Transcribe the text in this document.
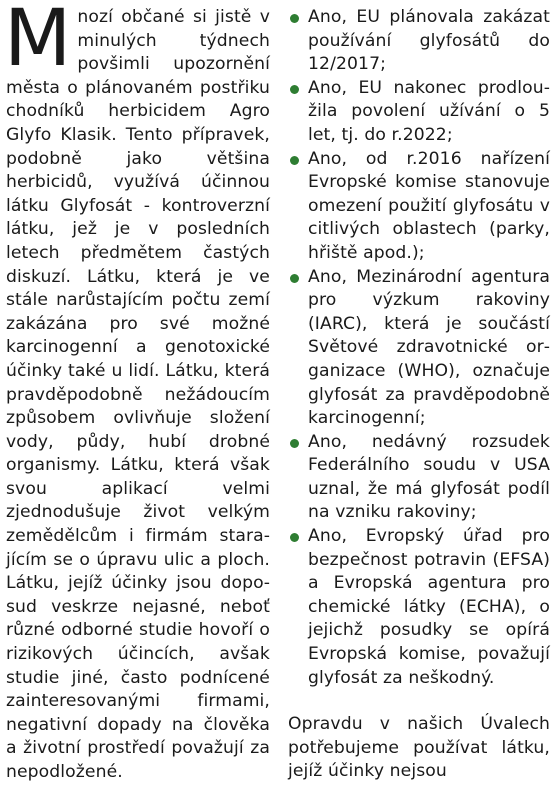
M nozí občané si jistě v minulých týdnech povšimli upozornění města o plánovaném postřiku chodníků herbicidem Agro Glyfo Klasik. Tento přípravek, podobně jako většina herbicidů, využívá účinnou látku Glyfosát - kontroverzní látku, jež je v posledních letech předmětem častých diskuzí. Látku, která je ve stále narůstajícím počtu zemí zakázána pro své možné karcinogenní a genotoxické účinky také u lidí. Látku, která pravděpodobně nežádoucím způsobem ovlivňuje složení vody, půdy, hubí drobné organismy. Látku, která však svou aplikací velmi zjednodušuje život velkým zemědělcům i firmám starajícím se o úpravu ulic a ploch. Látku, jejíž účinky jsou doposud veskrze nejasné, neboť různé odborné studie hovoří o rizikových účincích, avšak studie jiné, často podnícené zainteresovanými firmami, negativní dopady na člověka a životní prostředí považují za nepodložené.
Ano, EU plánovala zakázat používání glyfosátů do 12/2017;
Ano, EU nakonec prodloužila povolení užívání o 5 let, tj. do r.2022;
Ano, od r.2016 nařízení Evropské komise stanovuje omezení použití glyfosátu v citlivých oblastech (parky, hřiště apod.);
Ano, Mezinárodní agentura pro výzkum rakoviny (IARC), která je součástí Světové zdravotnické organizace (WHO), označuje glyfosát za pravděpodobně karcinogenní;
Ano, nedávný rozsudek Federálního soudu v USA uznal, že má glyfosát podíl na vzniku rakoviny;
Ano, Evropský úřad pro bezpečnost potravin (EFSA) a Evropská agentura pro chemické látky (ECHA), o jejichž posudky se opírá Evropská komise, považují glyfosát za neškodný.

Opravdu v našich Úvalech potřebujeme používat látku, jejíž účinky nejsou
